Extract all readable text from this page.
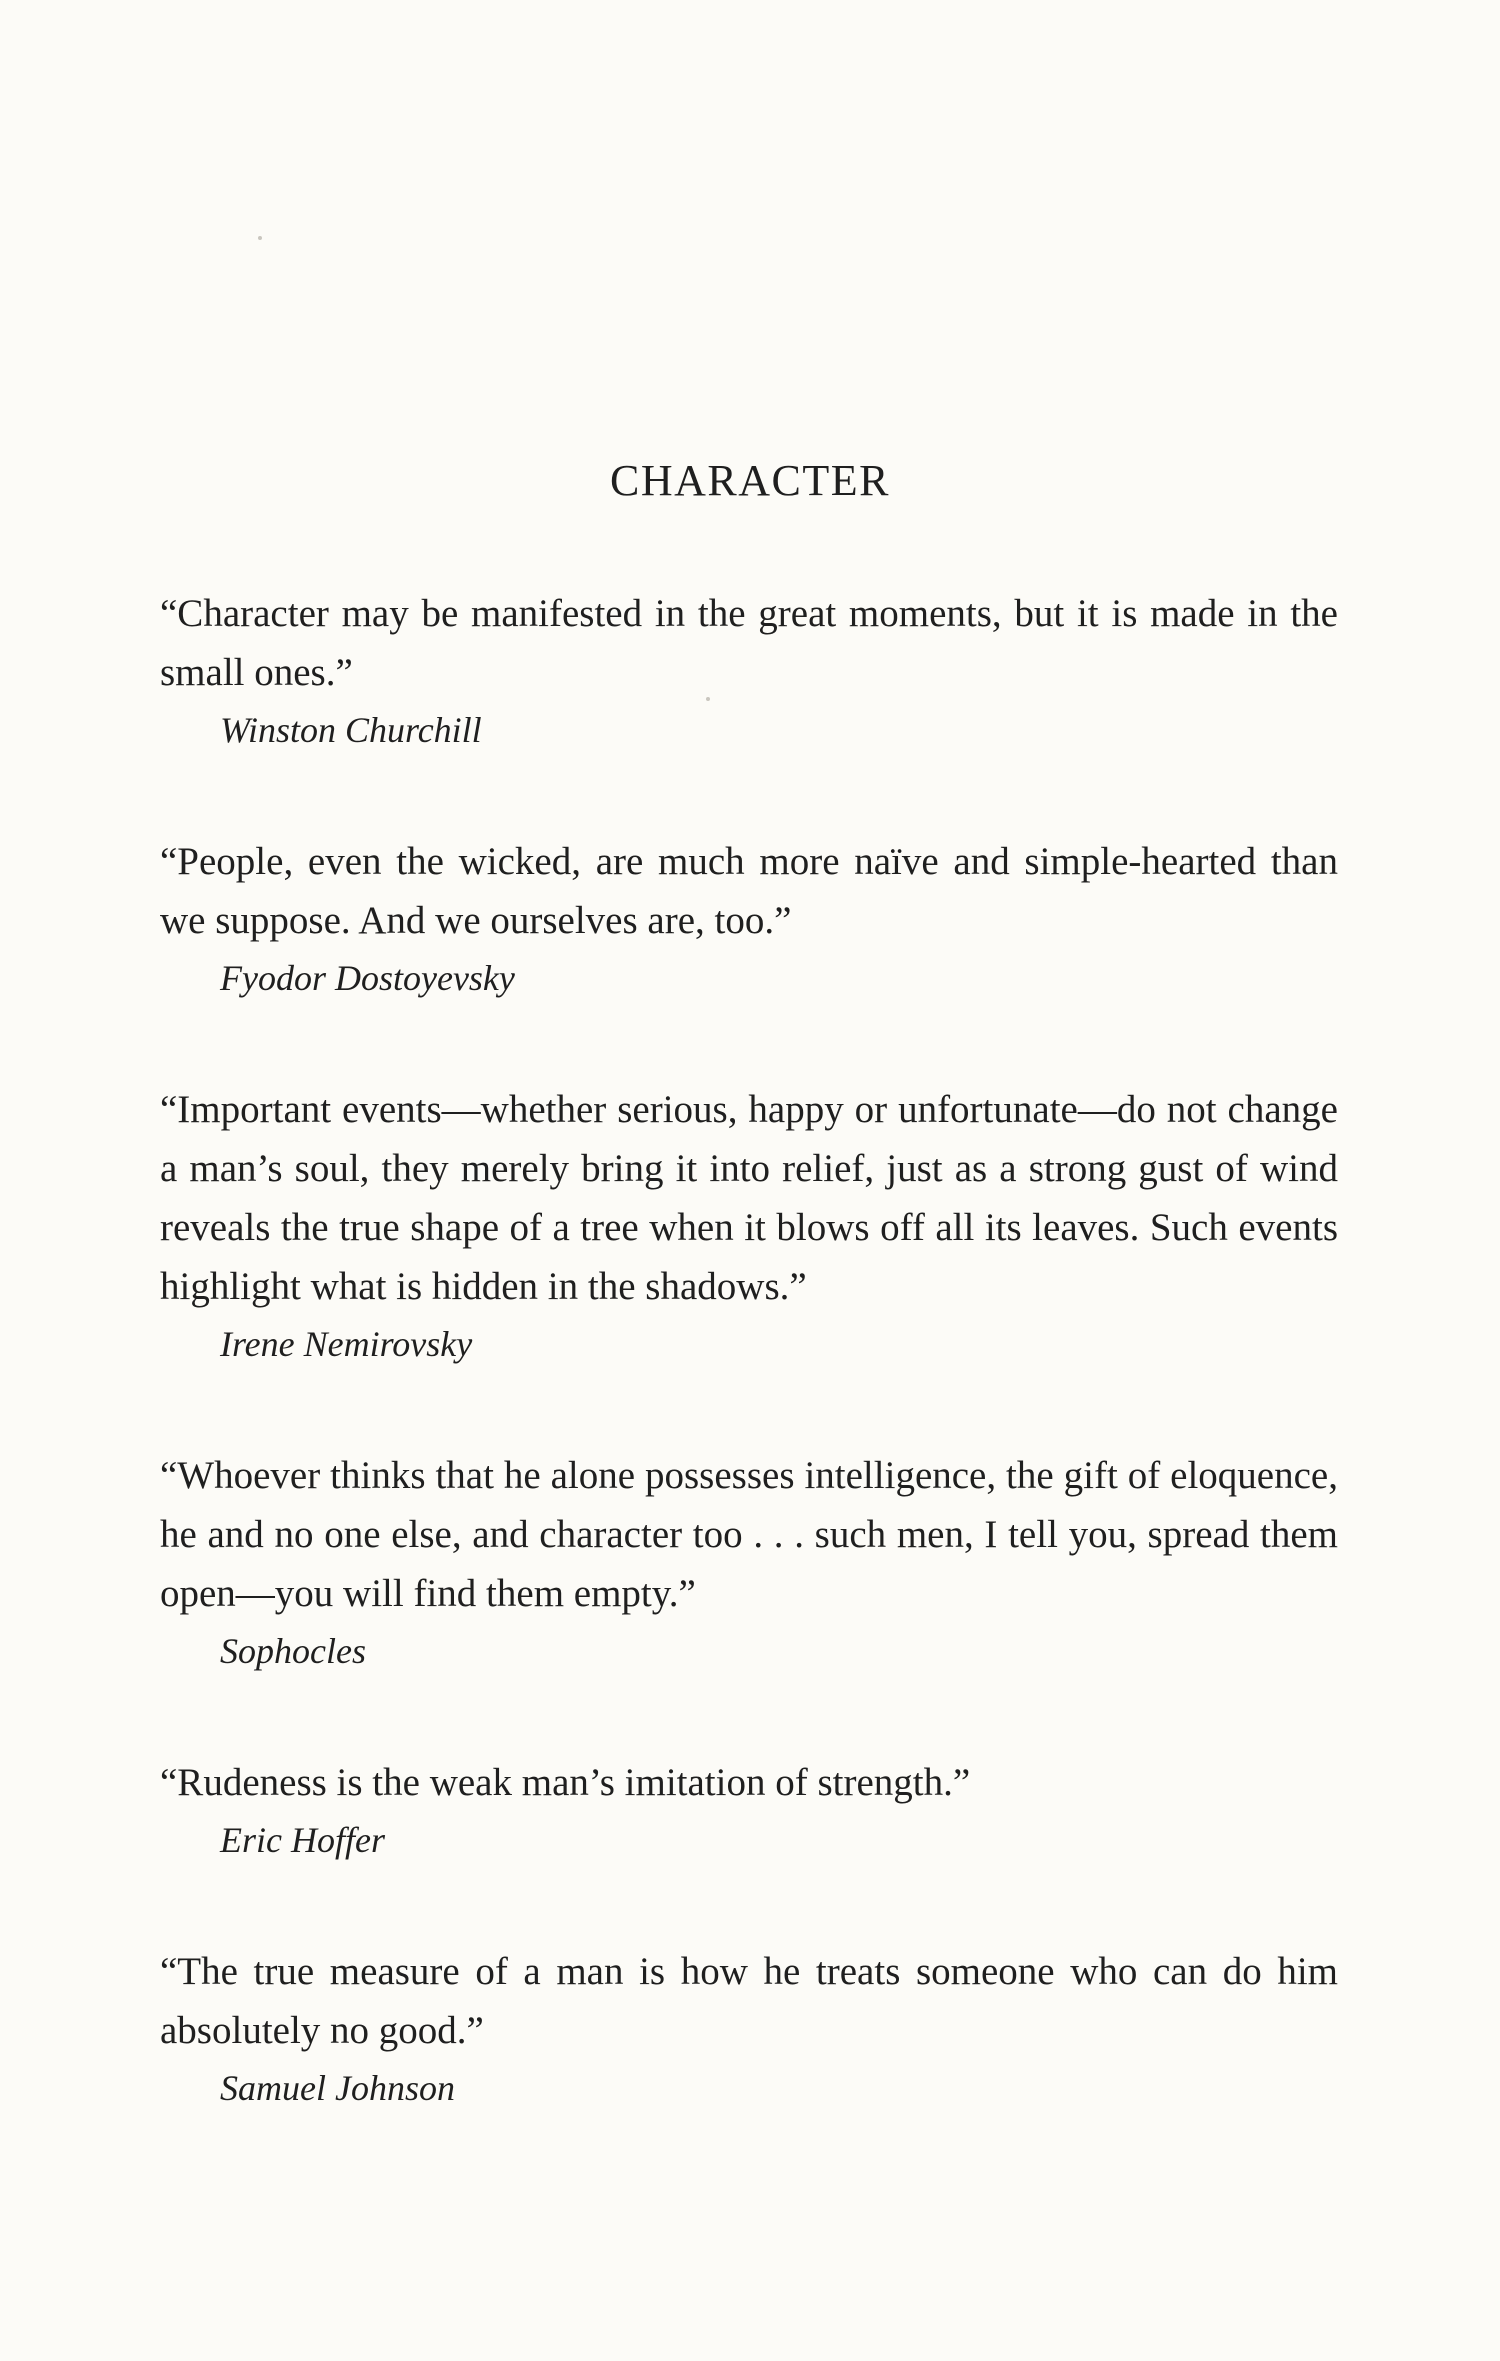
CHARACTER

“Character may be manifested in the great moments, but it is made in the small ones.”

Winston Churchill

“People, even the wicked, are much more naïve and simple-hearted than we suppose. And we ourselves are, too.”

Fyodor Dostoyevsky

“Important events—whether serious, happy or unfortunate—do not change a man’s soul, they merely bring it into relief, just as a strong gust of wind reveals the true shape of a tree when it blows off all its leaves. Such events highlight what is hidden in the shadows.”

Irene Nemirovsky

“Whoever thinks that he alone possesses intelligence, the gift of eloquence, he and no one else, and character too . . . such men, I tell you, spread them open—you will find them empty.”

Sophocles

“Rudeness is the weak man’s imitation of strength.”

Eric Hoffer

“The true measure of a man is how he treats someone who can do him absolutely no good.”

Samuel Johnson
